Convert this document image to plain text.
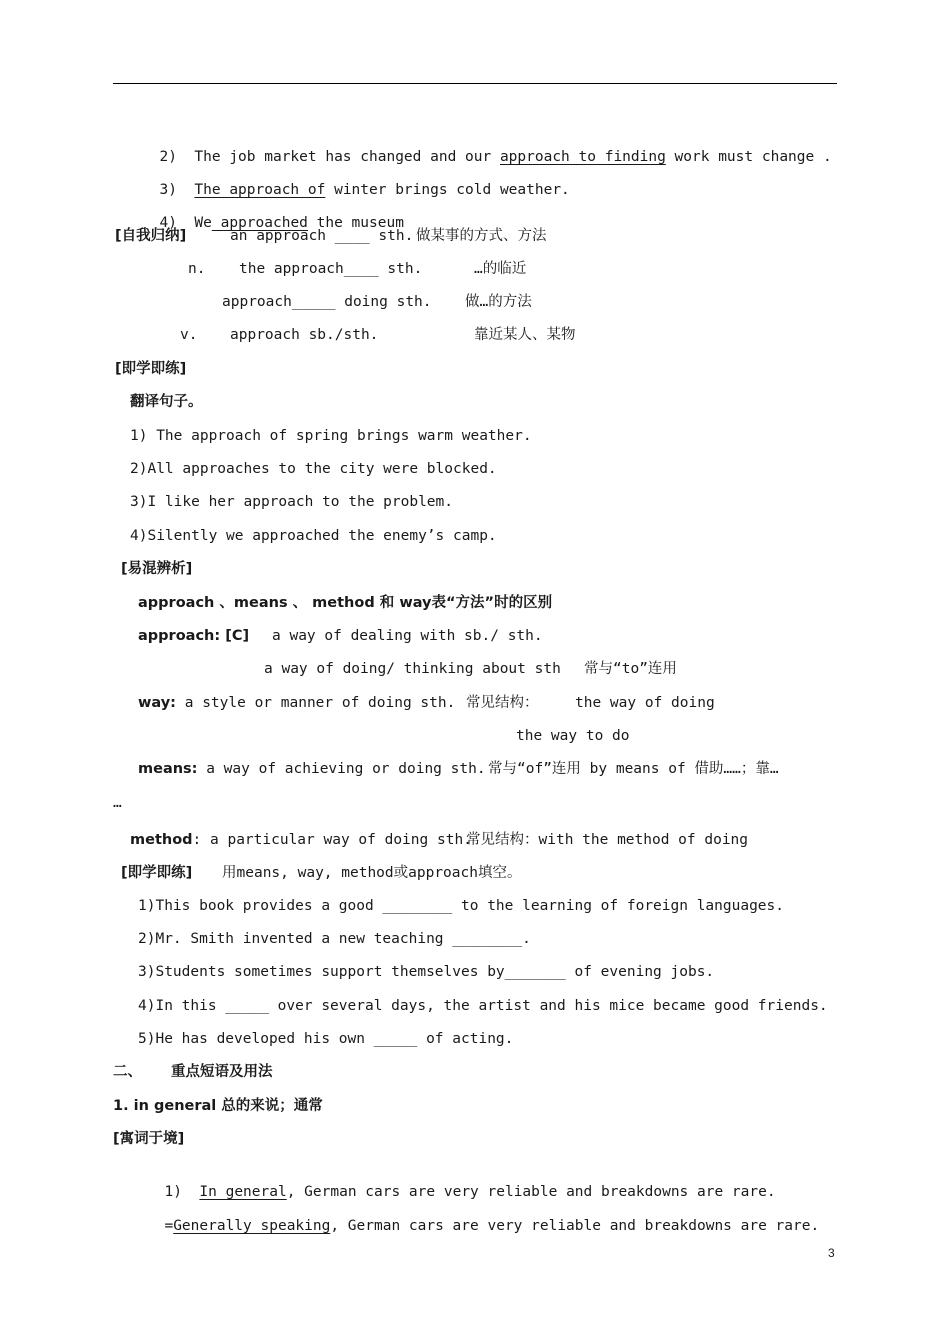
2) The job market has changed and our approach to finding work must change .

3) The approach of winter brings cold weather.

4) We approached the museum

[自我归纳]	an approach ____ sth. 做某事的方式、方法
n. the approach____ sth.	…的临近
approach_____ doing sth. 做…的方法
v. approach sb./sth.	靠近某人、某物
[即学即练]
翻译句子。
1) The approach of spring brings warm weather.
2)All approaches to the city were blocked.
3)I like her approach to the problem.
4)Silently we approached the enemy’s camp.
[易混辨析]
approach 、means 、 method 和 way表“方法”时的区别
approach: [C] a way of dealing with sb./ sth.
a way of doing/ thinking about sth 常与“to”连用
way: a style or manner of doing sth. 常见结构：	the way of doing
the way to do
means: a way of achieving or doing sth. 常与“of”连用 by means of 借助……；靠…
…
method: a particular way of doing sth.
常见结构：with the method of doing
[即学即练] 用means, way, method或approach填空。
1)This book provides a good ________ to the learning of foreign languages.
2)Mr. Smith invented a new teaching ________.
3)Students sometimes support themselves by_______ of evening jobs.
4)In this _____ over several days, the artist and his mice became good friends.
5)He has developed his own _____ of acting.
二、 重点短语及用法
1. in general 总的来说；通常
[寓词于境]

1) In general, German cars are very reliable and breakdowns are rare.

=Generally speaking, German cars are very reliable and breakdowns are rare.

3
